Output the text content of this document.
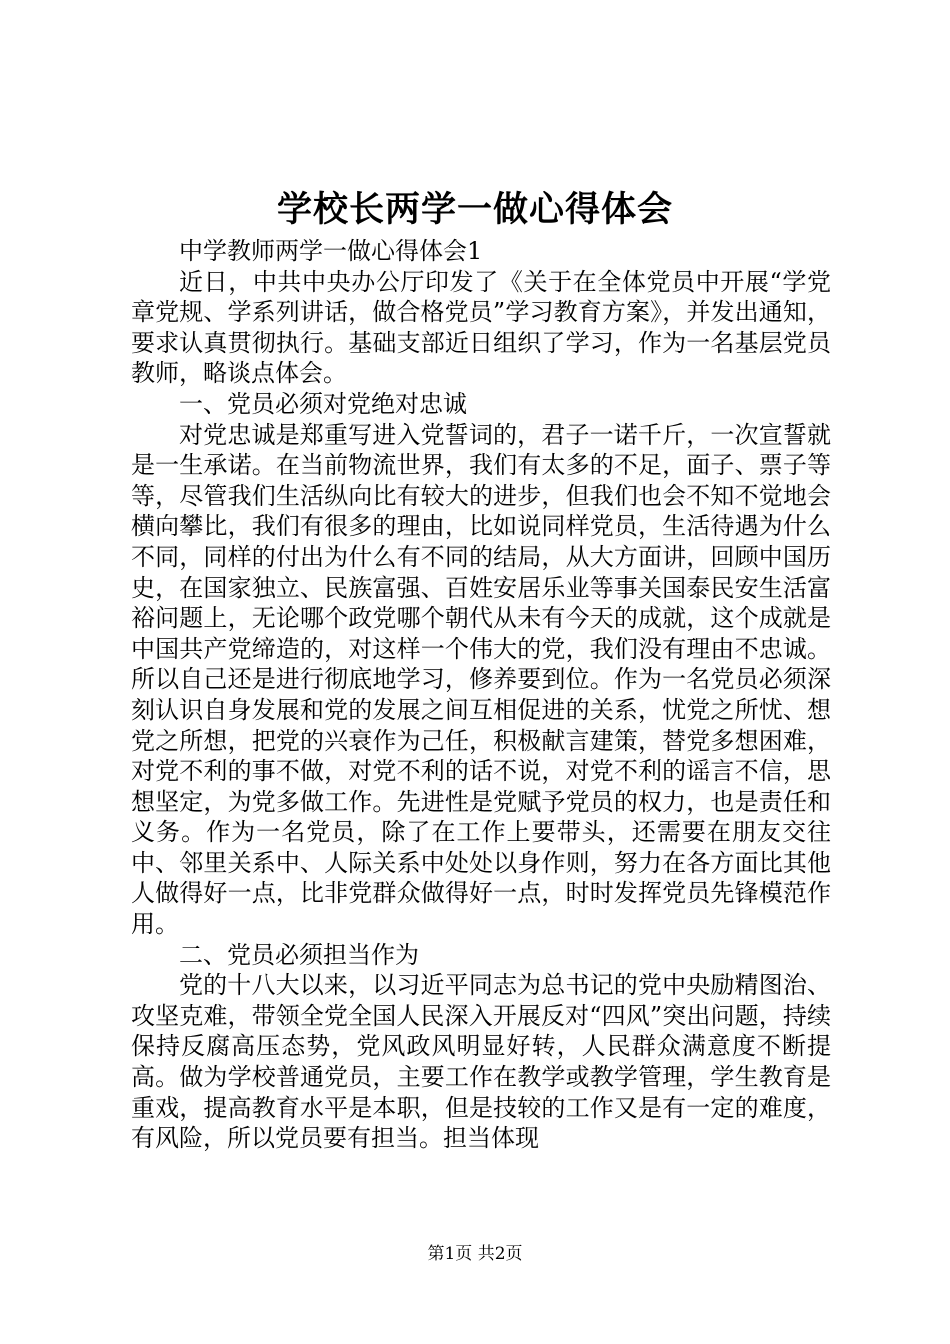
学校长两学一做心得体会

中学教师两学一做心得体会1

近日，中共中央办公厅印发了《关于在全体党员中开展“学党章党规、学系列讲话，做合格党员”学习教育方案》，并发出通知，要求认真贯彻执行。基础支部近日组织了学习，作为一名基层党员教师，略谈点体会。

一、党员必须对党绝对忠诚

对党忠诚是郑重写进入党誓词的，君子一诺千斤，一次宣誓就是一生承诺。在当前物流世界，我们有太多的不足，面子、票子等等，尽管我们生活纵向比有较大的进步，但我们也会不知不觉地会横向攀比，我们有很多的理由，比如说同样党员，生活待遇为什么不同，同样的付出为什么有不同的结局，从大方面讲，回顾中国历史，在国家独立、民族富强、百姓安居乐业等事关国泰民安生活富裕问题上，无论哪个政党哪个朝代从未有今天的成就，这个成就是中国共产党缔造的，对这样一个伟大的党，我们没有理由不忠诚。所以自己还是进行彻底地学习，修养要到位。作为一名党员必须深刻认识自身发展和党的发展之间互相促进的关系，忧党之所忧、想党之所想，把党的兴衰作为己任，积极献言建策，替党多想困难，对党不利的事不做，对党不利的话不说，对党不利的谣言不信，思想坚定，为党多做工作。先进性是党赋予党员的权力，也是责任和义务。作为一名党员，除了在工作上要带头，还需要在朋友交往中、邻里关系中、人际关系中处处以身作则，努力在各方面比其他人做得好一点，比非党群众做得好一点，时时发挥党员先锋模范作用。

二、党员必须担当作为

党的十八大以来，以习近平同志为总书记的党中央励精图治、攻坚克难，带领全党全国人民深入开展反对“四风”突出问题，持续保持反腐高压态势，党风政风明显好转，人民群众满意度不断提高。做为学校普通党员，主要工作在教学或教学管理，学生教育是重戏，提高教育水平是本职，但是技较的工作又是有一定的难度，有风险，所以党员要有担当。担当体现

第1页 共2页
